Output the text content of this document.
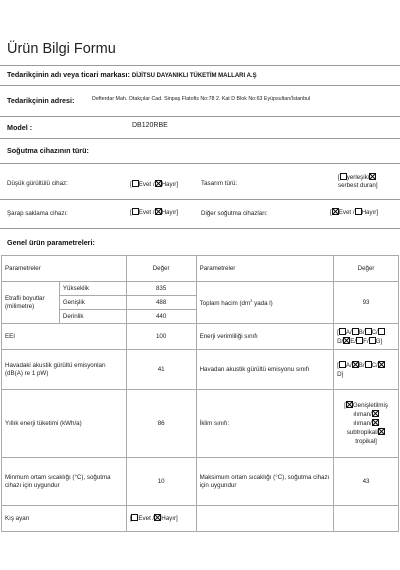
Ürün Bilgi Formu
Tedarikçinin adı veya ticari markası: DİJİTSU DAYANIKLI TÜKETİM MALLARI A.Ş
Tedarikçinin adresi:	Defterdar Mah. Otakçılar Cad. Sinpaş Flatofis No:78 2. Kat D Blok No:63 Eyüpsultan/İstanbul
Model :	DB120RBE
Soğutma cihazının türü:
Düşük gürültülü cihaz:	[ Evet / Hayır]	Tasarım türü:
[ yerleşik/
serbest duran]
Şarap saklama cihazı:	[ Evet / Hayır]	Diğer soğutma cihazları:	[ Evet / Hayır]
Genel ürün parametreleri:
Parametreler		Değer	Parametreler	Değer
Etrafli boyutlar (milimetre)	Yükseklik	835	Toplam hacim ($dm^3$ yada l)	93
	Genişlik	488		
	Derinlik	440		
EEI		100	Enerji verimliliği sınıfı	[ A/ B/ C/
D/ E/ F/ G]
Havadaki akustik gürültü emisyonları (dB(A) re 1 pW)		41	Havadan akustik gürültü emisyonu sınıfı	[ A/ B/ C/
D]
Yıllık enerji tüketimi (kWh/a)		86	İklim sınıfı:	[ Genişletilmiş ılıman/
ılıman/
subtropikal/
tropikal]
Minmum ortam sıcaklığı (°C), soğutma cihazı için uygundur		10	Maksimum ortam sıcaklığı (°C), soğutma cihazı için uygundur	43
Kış ayarı		[ Evet / Hayır]		
